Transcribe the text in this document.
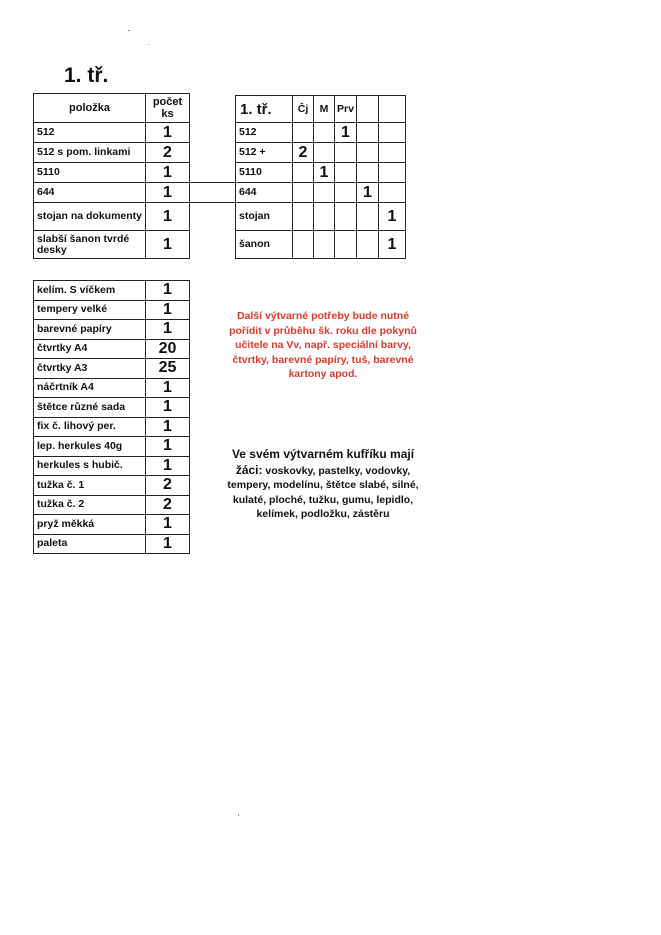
1. tř.
položka	počet ks
512	1
512 s pom. linkami	2
5110	1
644	1
stojan na dokumenty	1
slabší šanon tvrdé desky	1
1. tř.	Čj	M	Prv		
512			1		
512 +	2				
5110		1			
644				1	
stojan					1
šanon					1
kelím. S víčkem	1
tempery velké	1
barevné papíry	1
čtvrtky A4	20
čtvrtky A3	25
náčrtník A4	1
štětce různé sada	1
fix č. lihový per.	1
lep. herkules 40g	1
herkules s hubič.	1
tužka č. 1	2
tužka č. 2	2
pryž měkká	1
paleta	1
Další výtvarné potřeby bude nutné pořídit v průběhu šk. roku dle pokynů učitele na Vv, např. speciální barvy, čtvrtky, barevné papíry, tuš, barevné kartony apod.
Ve svém výtvarném kufříku mají žáci: voskovky, pastelky, vodovky, tempery, modelínu, štětce slabé, silné, kulaté, ploché, tužku, gumu, lepidlo, kelímek, podložku, zástěru
